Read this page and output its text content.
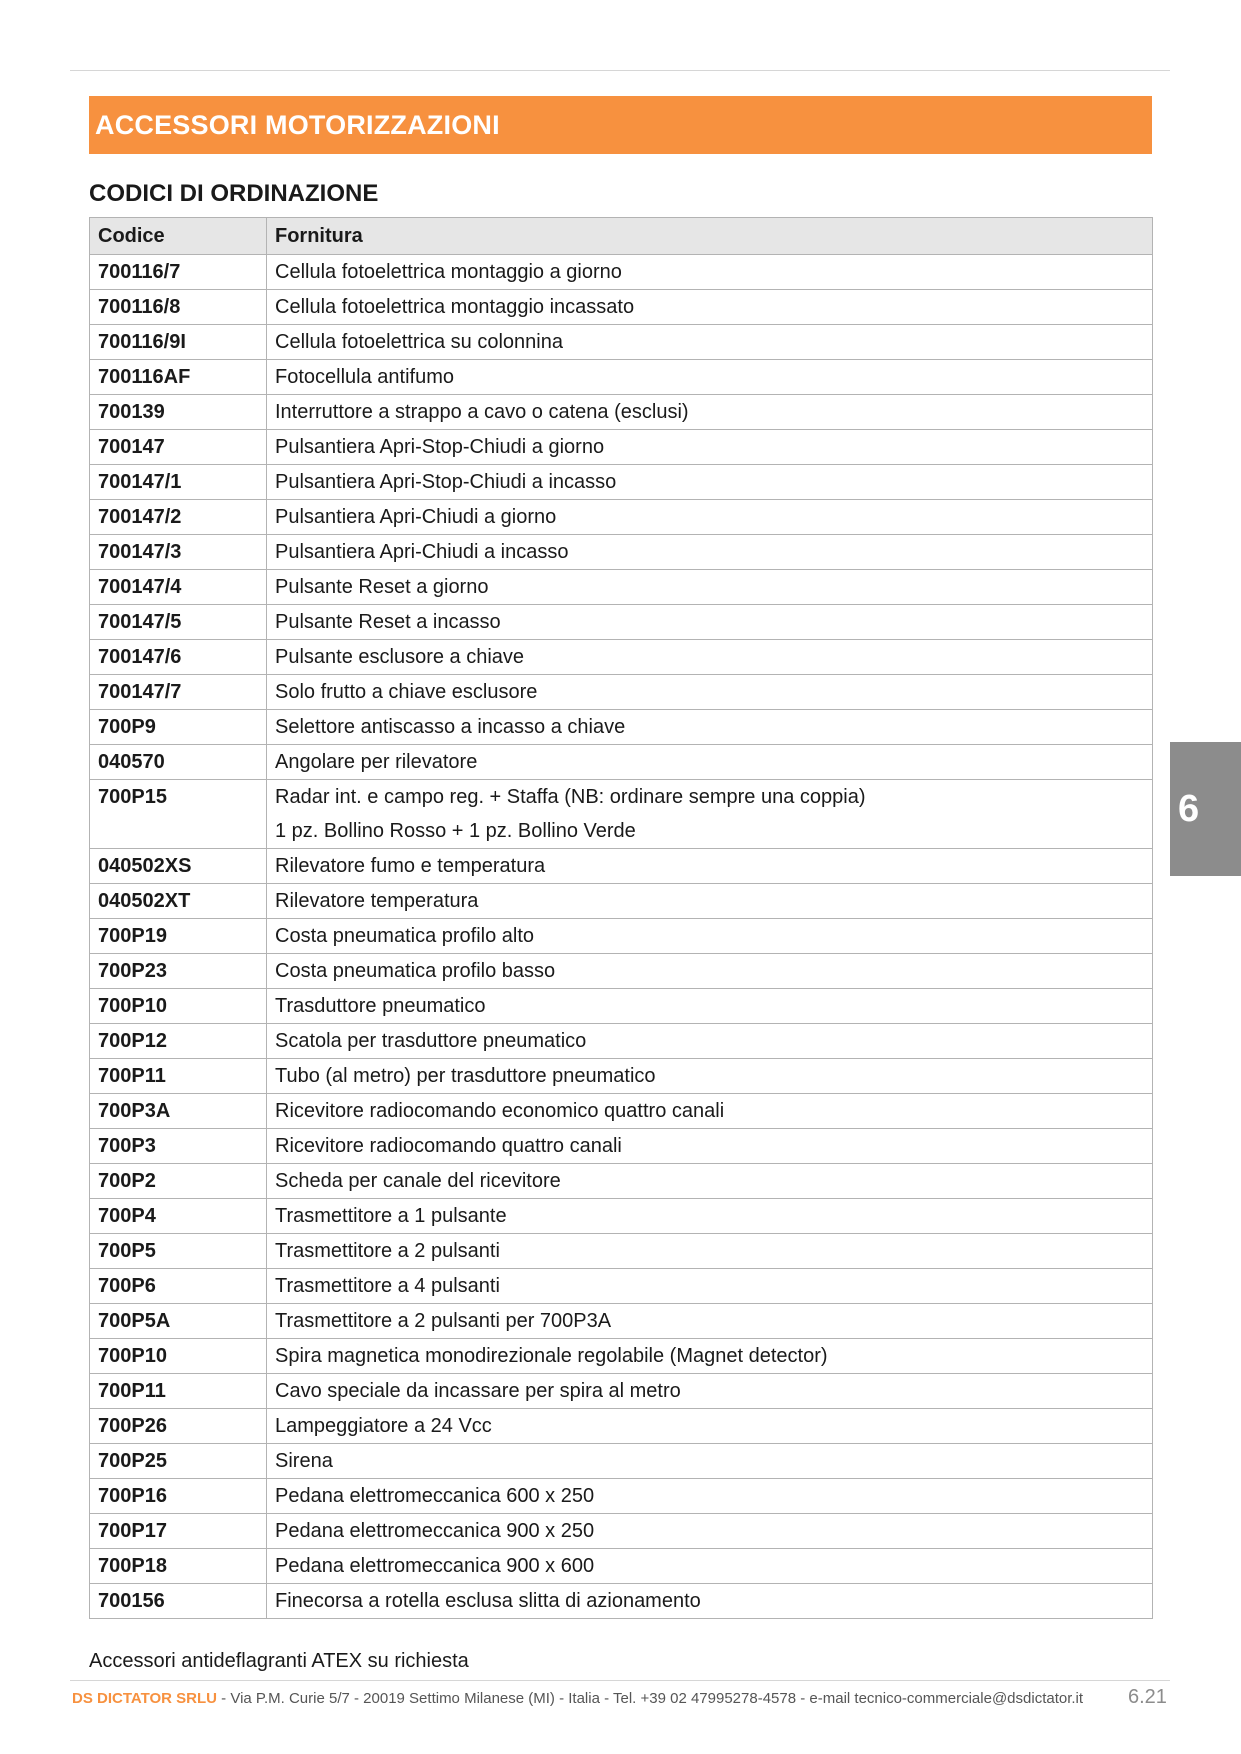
ACCESSORI MOTORIZZAZIONI
CODICI DI ORDINAZIONE
Codice	Fornitura
700116/7	Cellula fotoelettrica montaggio a giorno

700116/8	Cellula fotoelettrica montaggio incassato

700116/9I	Cellula fotoelettrica su colonnina

700116AF	Fotocellula antifumo

700139	Interruttore a strappo a cavo o catena (esclusi)

700147	Pulsantiera Apri-Stop-Chiudi a giorno

700147/1	Pulsantiera Apri-Stop-Chiudi a incasso

700147/2	Pulsantiera Apri-Chiudi a giorno

700147/3	Pulsantiera Apri-Chiudi a incasso

700147/4	Pulsante Reset a giorno

700147/5	Pulsante Reset a incasso

700147/6	Pulsante esclusore a chiave

700147/7	Solo frutto a chiave esclusore

700P9	Selettore antiscasso a incasso a chiave

040570	Angolare per rilevatore

700P15	Radar int. e campo reg. + Staffa (NB: ordinare sempre una coppia)
1 pz. Bollino Rosso + 1 pz. Bollino Verde

040502XS	Rilevatore fumo e temperatura

040502XT	Rilevatore temperatura

700P19	Costa pneumatica profilo alto

700P23	Costa pneumatica profilo basso

700P10	Trasduttore pneumatico

700P12	Scatola per trasduttore pneumatico

700P11	Tubo (al metro) per trasduttore pneumatico

700P3A	Ricevitore radiocomando economico quattro canali

700P3	Ricevitore radiocomando quattro canali

700P2	Scheda per canale del ricevitore

700P4	Trasmettitore a 1 pulsante

700P5	Trasmettitore a 2 pulsanti

700P6	Trasmettitore a 4 pulsanti

700P5A	Trasmettitore a 2 pulsanti per 700P3A

700P10	Spira magnetica monodirezionale regolabile (Magnet detector)

700P11	Cavo speciale da incassare per spira al metro

700P26	Lampeggiatore a 24 Vcc

700P25	Sirena

700P16	Pedana elettromeccanica 600 x 250

700P17	Pedana elettromeccanica 900 x 250

700P18	Pedana elettromeccanica 900 x 600

700156	Finecorsa a rotella esclusa slitta di azionamento
Accessori antideflagranti ATEX su richiesta
6
DS DICTATOR SRLU - Via P.M. Curie 5/7 - 20019 Settimo Milanese (MI) - Italia - Tel. +39 02 47995278-4578 - e-mail tecnico-commerciale@dsdictator.it 6.21
